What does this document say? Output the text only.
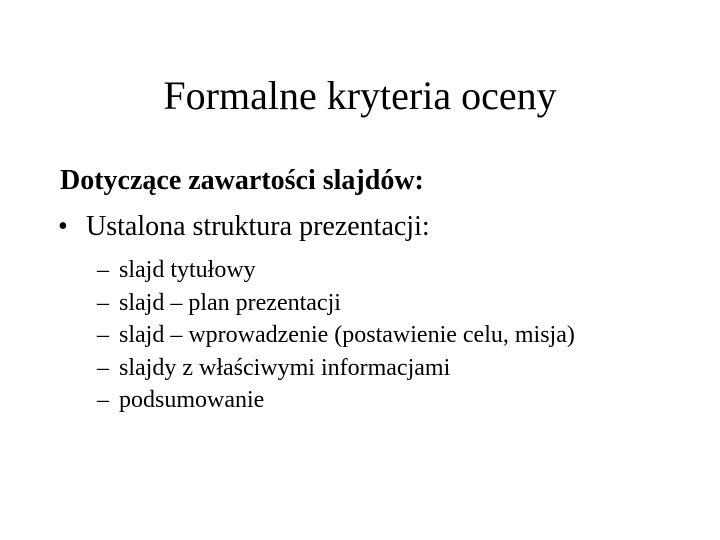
Formalne kryteria oceny

Dotyczące zawartości slajdów:

• Ustalona struktura prezentacji:

– slajd tytułowy
– slajd – plan prezentacji
– slajd – wprowadzenie (postawienie celu, misja)
– slajdy z właściwymi informacjami
– podsumowanie
